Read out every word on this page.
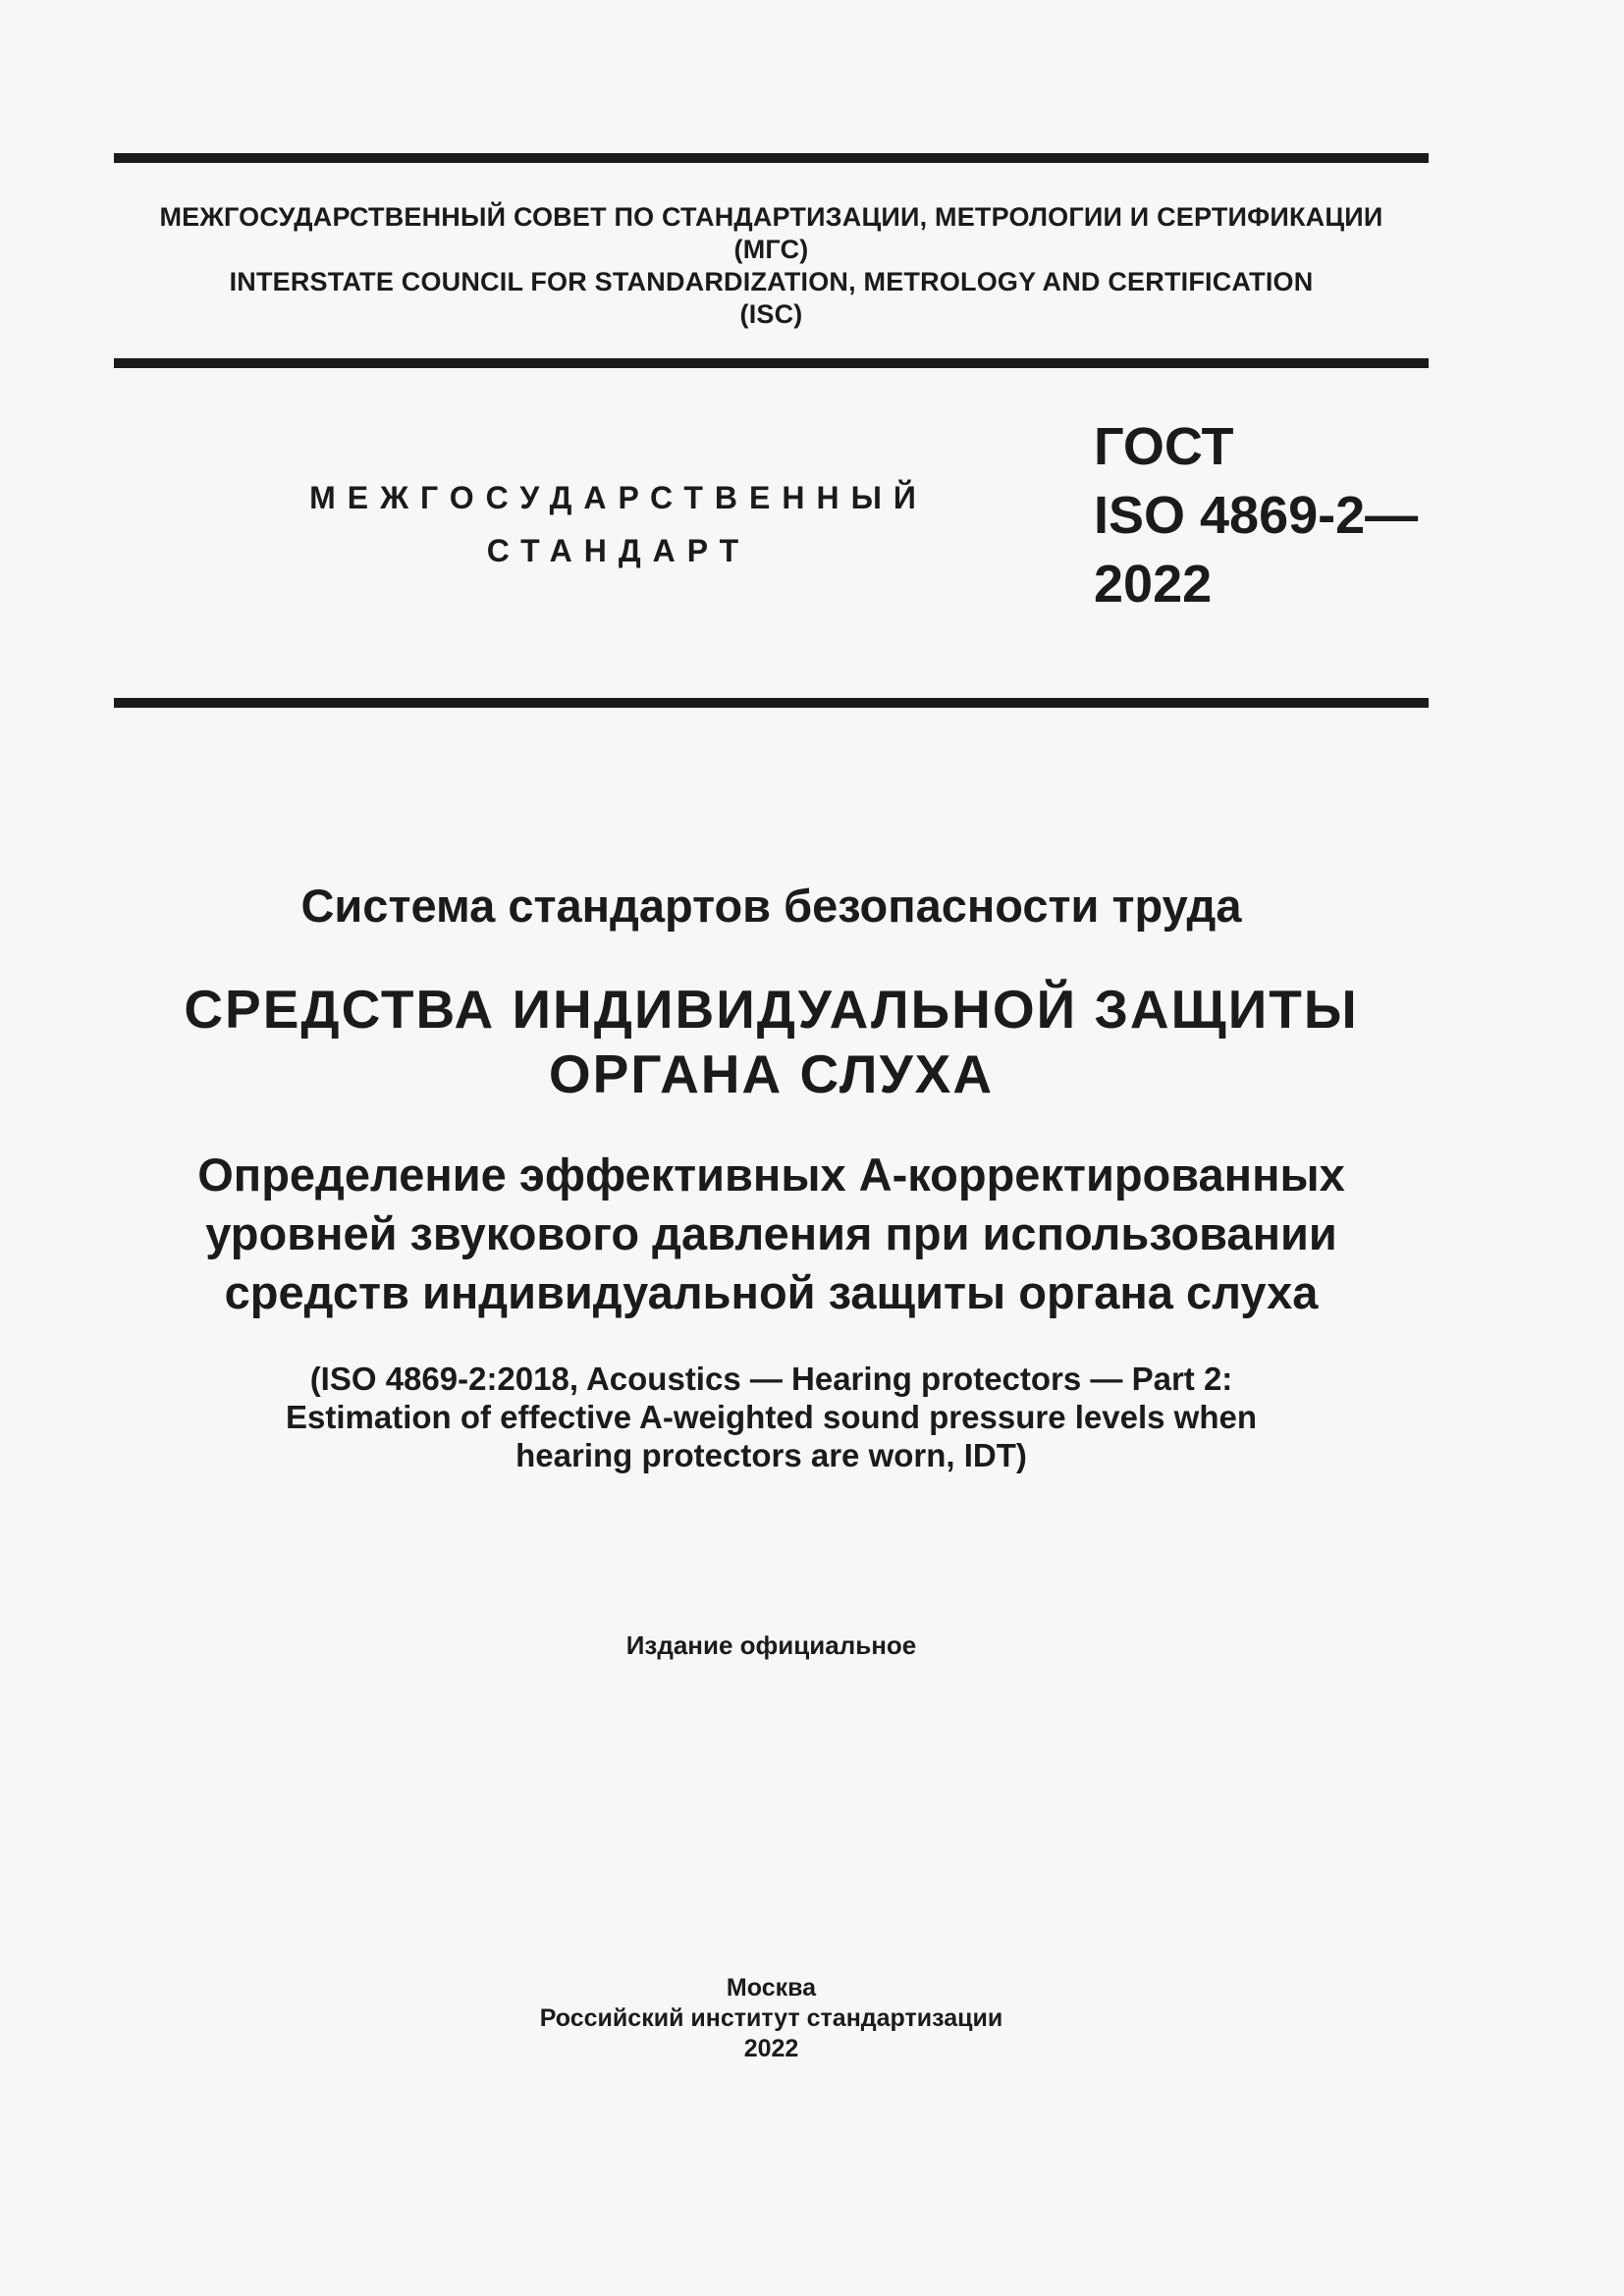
МЕЖГОСУДАРСТВЕННЫЙ СОВЕТ ПО СТАНДАРТИЗАЦИИ, МЕТРОЛОГИИ И СЕРТИФИКАЦИИ
(МГС)
INTERSTATE COUNCIL FOR STANDARDIZATION, METROLOGY AND CERTIFICATION
(ISC)
МЕЖГОСУДАРСТВЕННЫЙ
СТАНДАРТ
ГОСТ
ISO 4869-2—
2022
Система стандартов безопасности труда
СРЕДСТВА ИНДИВИДУАЛЬНОЙ ЗАЩИТЫ
ОРГАНА СЛУХА
Определение эффективных А-корректированных
уровней звукового давления при использовании
средств индивидуальной защиты органа слуха
(ISO 4869-2:2018, Acoustics — Hearing protectors — Part 2:
Estimation of effective A-weighted sound pressure levels when
hearing protectors are worn, IDT)
Издание официальное
Москва
Российский институт стандартизации
2022
